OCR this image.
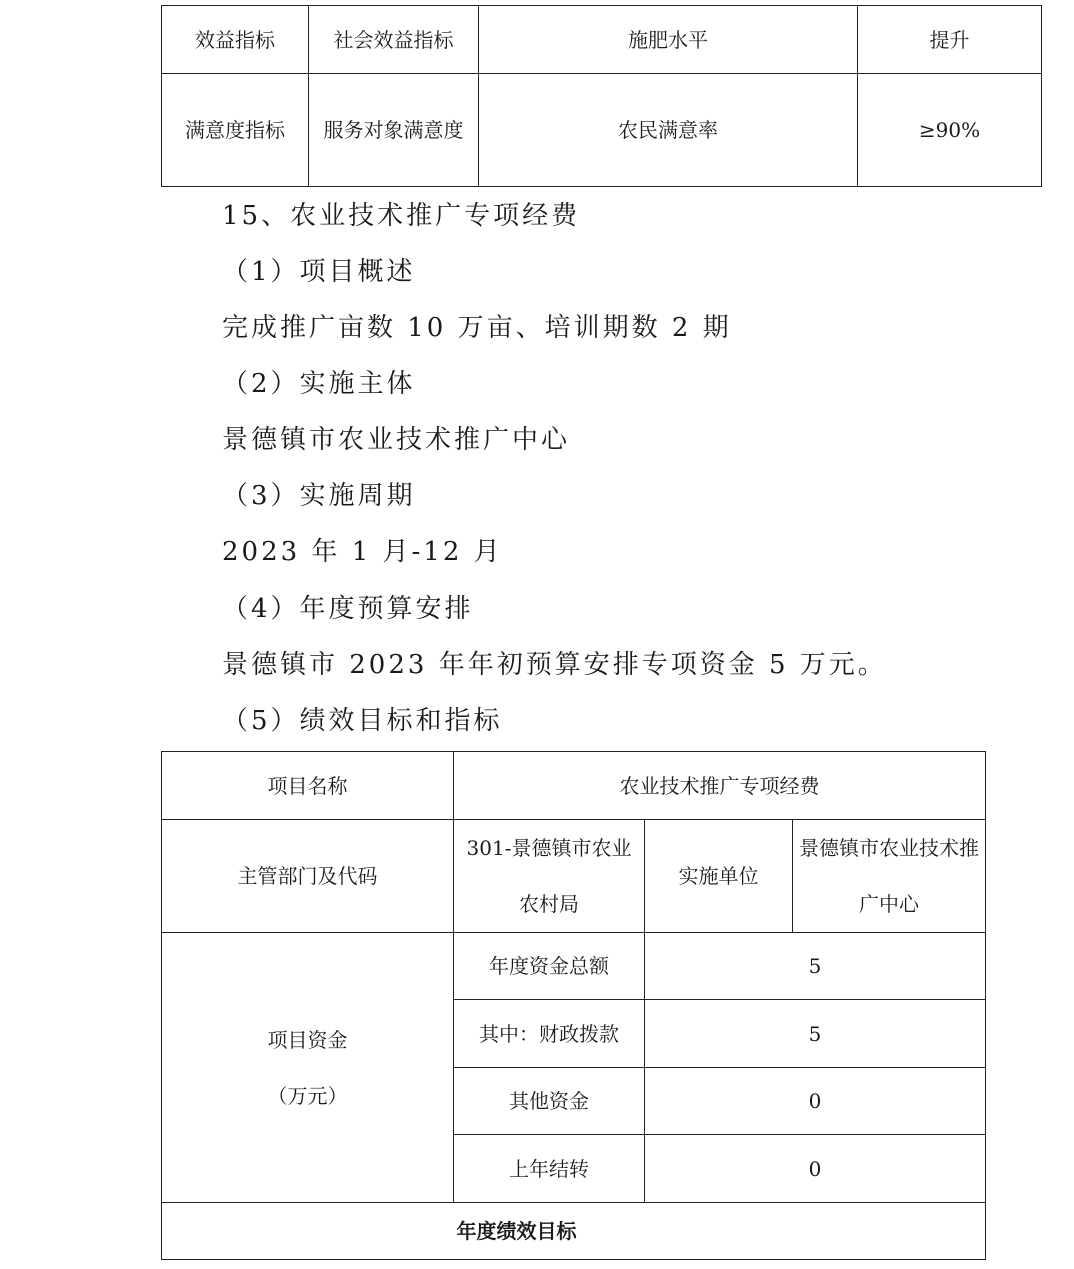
效益指标	社会效益指标	施肥水平	提升
满意度指标	服务对象满意度	农民满意率	≥90%
15、农业技术推广专项经费
（1）项目概述
完成推广亩数 10 万亩、培训期数 2 期
（2）实施主体
景德镇市农业技术推广中心
（3）实施周期
2023 年 1 月-12 月
（4）年度预算安排
景德镇市 2023 年年初预算安排专项资金 5 万元。
（5）绩效目标和指标
项目名称	农业技术推广专项经费		
主管部门及代码	301-景德镇市农业农村局	实施单位	景德镇市农业技术推广中心

项目资金
（万元）	年度资金总额	5	
	其中：财政拨款	5	
	其他资金	0	
	上年结转	0	
年度绩效目标			
